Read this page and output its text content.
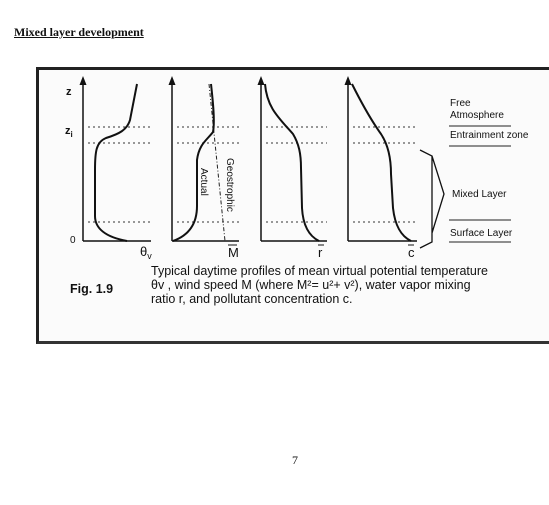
Mixed layer development
$\theta_v$
Actual Geostrophic
M	r	c
z
$z_i$
0
Free
Atmosphere
Entrainment zone
Mixed Layer
Surface Layer
Fig. 1.9
Typical daytime profiles of mean virtual potential temperature
θv , wind speed M (where M²= u²+ v²), water vapor mixing
ratio r, and pollutant concentration c.
7
